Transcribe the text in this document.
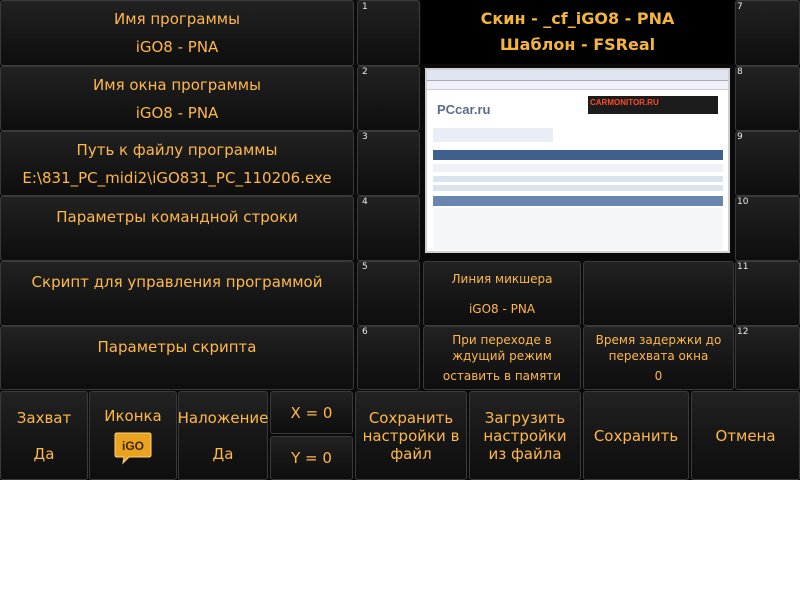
Имя программы
iGO8 - PNA
Имя окна программы
iGO8 - PNA
Путь к файлу программы
E:\831_PC_midi2\iGO831_PC_110206.exe
Параметры командной строки
Скрипт для управления программой
Параметры скрипта
1
2
3
4
5
6
Скин - _cf_iGO8 - PNA
Шаблон - FSReal
PCcar.ru	CARMONITOR.RU
Линия микшера
iGO8 - PNA
При переходе в ждущий режим
оставить в памяти
Время задержки до перехвата окна
0
7
8
9
10
11
12
Захват
Да
Иконка
iGO
Наложение
Да
X = 0
Y = 0
Сохранить настройки в файл
Загрузить настройки из файла
Сохранить Отмена
